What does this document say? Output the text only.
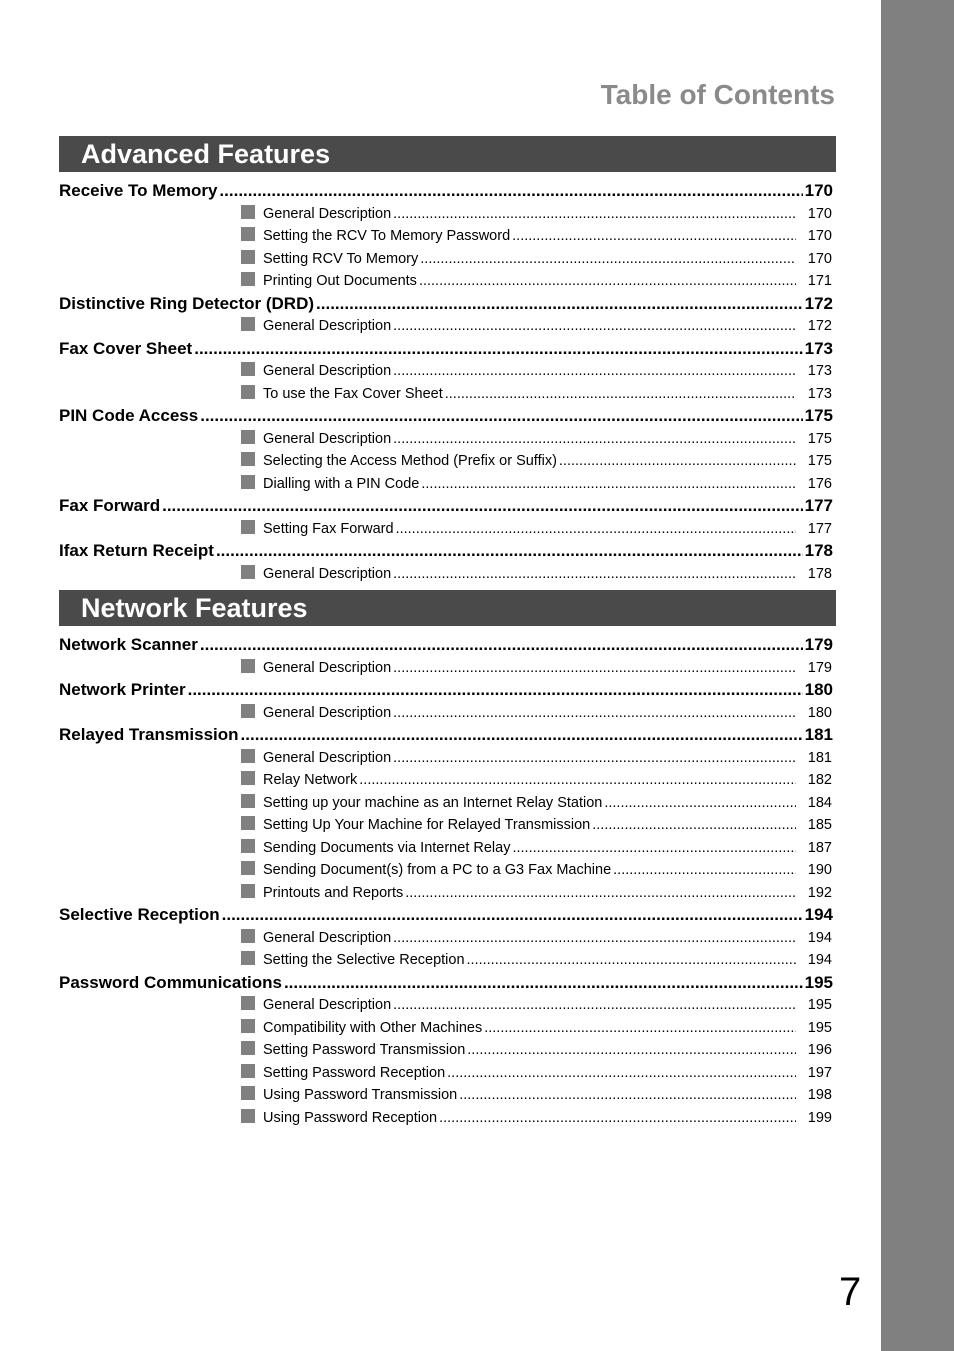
Table of Contents
Advanced Features
Receive To Memory .....	170
General Description .....	170
Setting the RCV To Memory Password .....	170
Setting RCV To Memory .....	170
Printing Out Documents .....	171
Distinctive Ring Detector (DRD) .....	172
General Description .....	172
Fax Cover Sheet .....	173
General Description .....	173
To use the Fax Cover Sheet .....	173
PIN Code Access .....	175
General Description .....	175
Selecting the Access Method (Prefix or Suffix) .....	175
Dialling with a PIN Code .....	176
Fax Forward .....	177
Setting Fax Forward .....	177
Ifax Return Receipt .....	178
General Description .....	178
Network Features
Network Scanner .....	179
General Description .....	179
Network Printer .....	180
General Description .....	180
Relayed Transmission .....	181
General Description .....	181
Relay Network .....	182
Setting up your machine as an Internet Relay Station .....	184
Setting Up Your Machine for Relayed Transmission .....	185
Sending Documents via Internet Relay .....	187
Sending Document(s) from a PC to a G3 Fax Machine .....	190
Printouts and Reports .....	192
Selective Reception .....	194
General Description .....	194
Setting the Selective Reception .....	194
Password Communications .....	195
General Description .....	195
Compatibility with Other Machines .....	195
Setting Password Transmission .....	196
Setting Password Reception .....	197
Using Password Transmission .....	198
Using Password Reception .....	199
7
